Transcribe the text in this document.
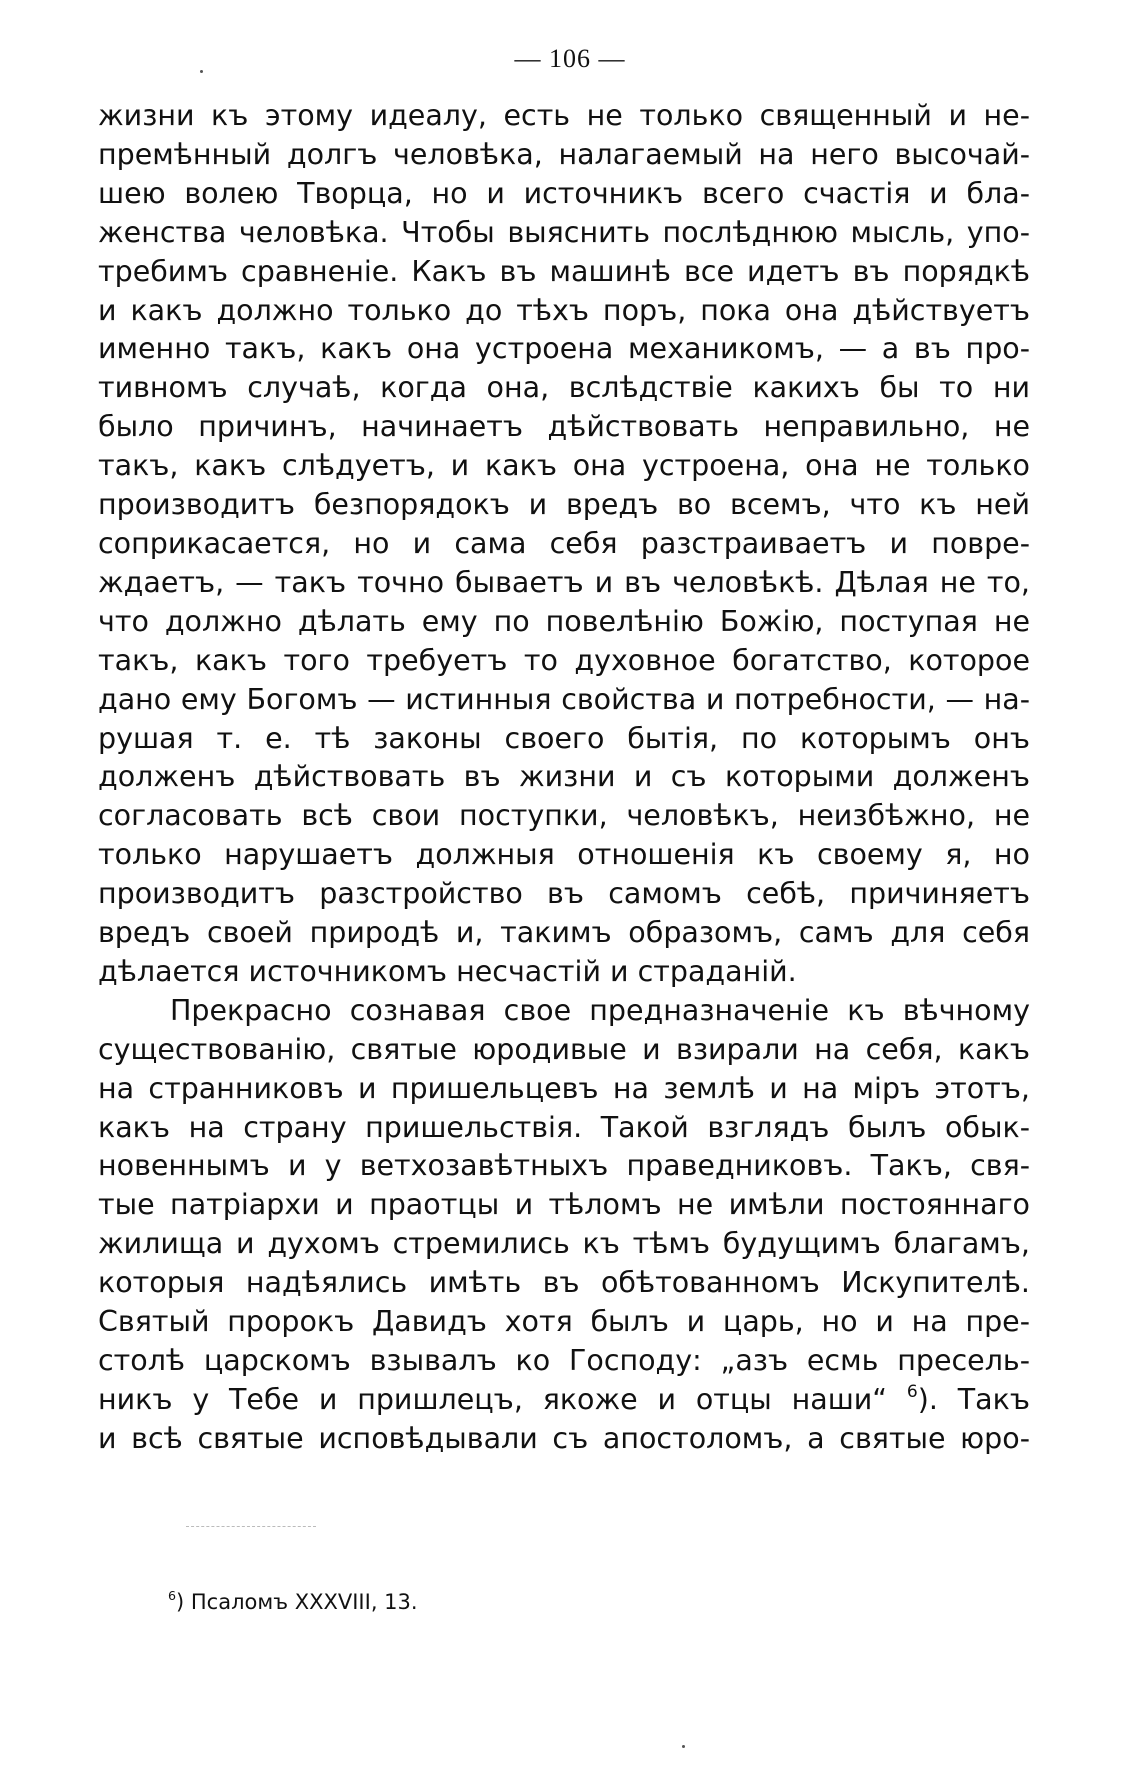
— 106 —
жизни къ этому идеалу, есть не только священный и не-
премѣнный долгъ человѣка, налагаемый на него высочай-
шею волею Творца, но и источникъ всего счастія и бла-
женства человѣка. Чтобы выяснить послѣднюю мысль, упо-
требимъ сравненіе. Какъ въ машинѣ все идетъ въ порядкѣ
и какъ должно только до тѣхъ поръ, пока она дѣйствуетъ
именно такъ, какъ она устроена механикомъ, — а въ про-
тивномъ случаѣ, когда она, вслѣдствіе какихъ бы то ни
было причинъ, начинаетъ дѣйствовать неправильно, не
такъ, какъ слѣдуетъ, и какъ она устроена, она не только
производитъ безпорядокъ и вредъ во всемъ, что къ ней
соприкасается, но и сама себя разстраиваетъ и повре-
ждаетъ, — такъ точно бываетъ и въ человѣкѣ. Дѣлая не то,
что должно дѣлать ему по повелѣнію Божію, поступая не
такъ, какъ того требуетъ то духовное богатство, которое
дано ему Богомъ — истинныя свойства и потребности, — на-
рушая т. е. тѣ законы своего бытія, по которымъ онъ
долженъ дѣйствовать въ жизни и съ которыми долженъ
согласовать всѣ свои поступки, человѣкъ, неизбѣжно, не
только нарушаетъ должныя отношенія къ своему я, но
производитъ разстройство въ самомъ себѣ, причиняетъ
вредъ своей природѣ и, такимъ образомъ, самъ для себя
дѣлается источникомъ несчастій и страданій.
Прекрасно сознавая свое предназначеніе къ вѣчному
существованію, святые юродивые и взирали на себя, какъ
на странниковъ и пришельцевъ на землѣ и на міръ этотъ,
какъ на страну пришельствія. Такой взглядъ былъ обык-
новеннымъ и у ветхозавѣтныхъ праведниковъ. Такъ, свя-
тые патріархи и праотцы и тѣломъ не имѣли постояннаго
жилища и духомъ стремились къ тѣмъ будущимъ благамъ,
которыя надѣялись имѣть въ обѣтованномъ Искупителѣ.
Святый пророкъ Давидъ хотя былъ и царь, но и на пре-
столѣ царскомъ взывалъ ко Господу: „азъ есмь пресель-
никъ у Тебе и пришлецъ, якоже и отцы наши“ $^6$). Такъ
и всѣ святые исповѣдывали съ апостоломъ, а святые юро-
$^6$) Псаломъ XXXVIII, 13.
